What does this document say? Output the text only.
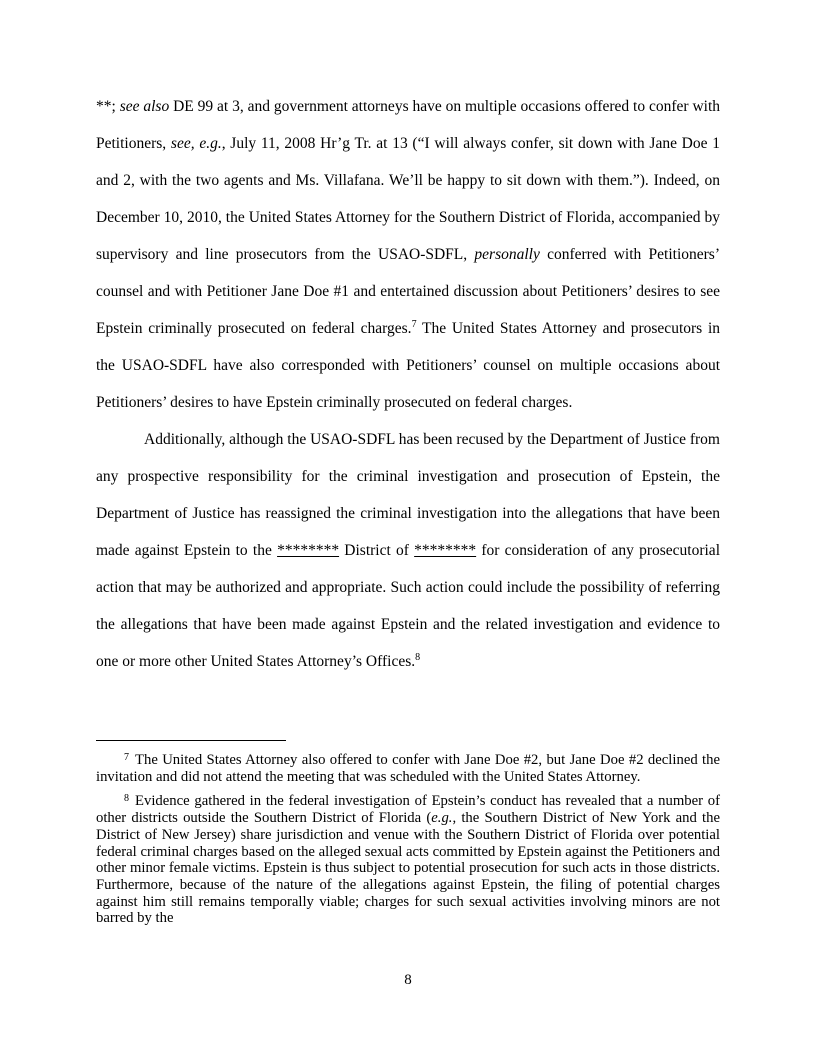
**; see also DE 99 at 3, and government attorneys have on multiple occasions offered to confer with Petitioners, see, e.g., July 11, 2008 Hr’g Tr. at 13 (“I will always confer, sit down with Jane Doe 1 and 2, with the two agents and Ms. Villafana. We’ll be happy to sit down with them.”). Indeed, on December 10, 2010, the United States Attorney for the Southern District of Florida, accompanied by supervisory and line prosecutors from the USAO-SDFL, personally conferred with Petitioners’ counsel and with Petitioner Jane Doe #1 and entertained discussion about Petitioners’ desires to see Epstein criminally prosecuted on federal charges.$^7$ The United States Attorney and prosecutors in the USAO-SDFL have also corresponded with Petitioners’ counsel on multiple occasions about Petitioners’ desires to have Epstein criminally prosecuted on federal charges.

Additionally, although the USAO-SDFL has been recused by the Department of Justice from any prospective responsibility for the criminal investigation and prosecution of Epstein, the Department of Justice has reassigned the criminal investigation into the allegations that have been made against Epstein to the ******** District of ******** for consideration of any prosecutorial action that may be authorized and appropriate. Such action could include the possibility of referring the allegations that have been made against Epstein and the related investigation and evidence to one or more other United States Attorney’s Offices.$^8$

$^7$ The United States Attorney also offered to confer with Jane Doe #2, but Jane Doe #2 declined the invitation and did not attend the meeting that was scheduled with the United States Attorney.

$^8$ Evidence gathered in the federal investigation of Epstein’s conduct has revealed that a number of other districts outside the Southern District of Florida (e.g., the Southern District of New York and the District of New Jersey) share jurisdiction and venue with the Southern District of Florida over potential federal criminal charges based on the alleged sexual acts committed by Epstein against the Petitioners and other minor female victims. Epstein is thus subject to potential prosecution for such acts in those districts. Furthermore, because of the nature of the allegations against Epstein, the filing of potential charges against him still remains temporally viable; charges for such sexual activities involving minors are not barred by the

8
